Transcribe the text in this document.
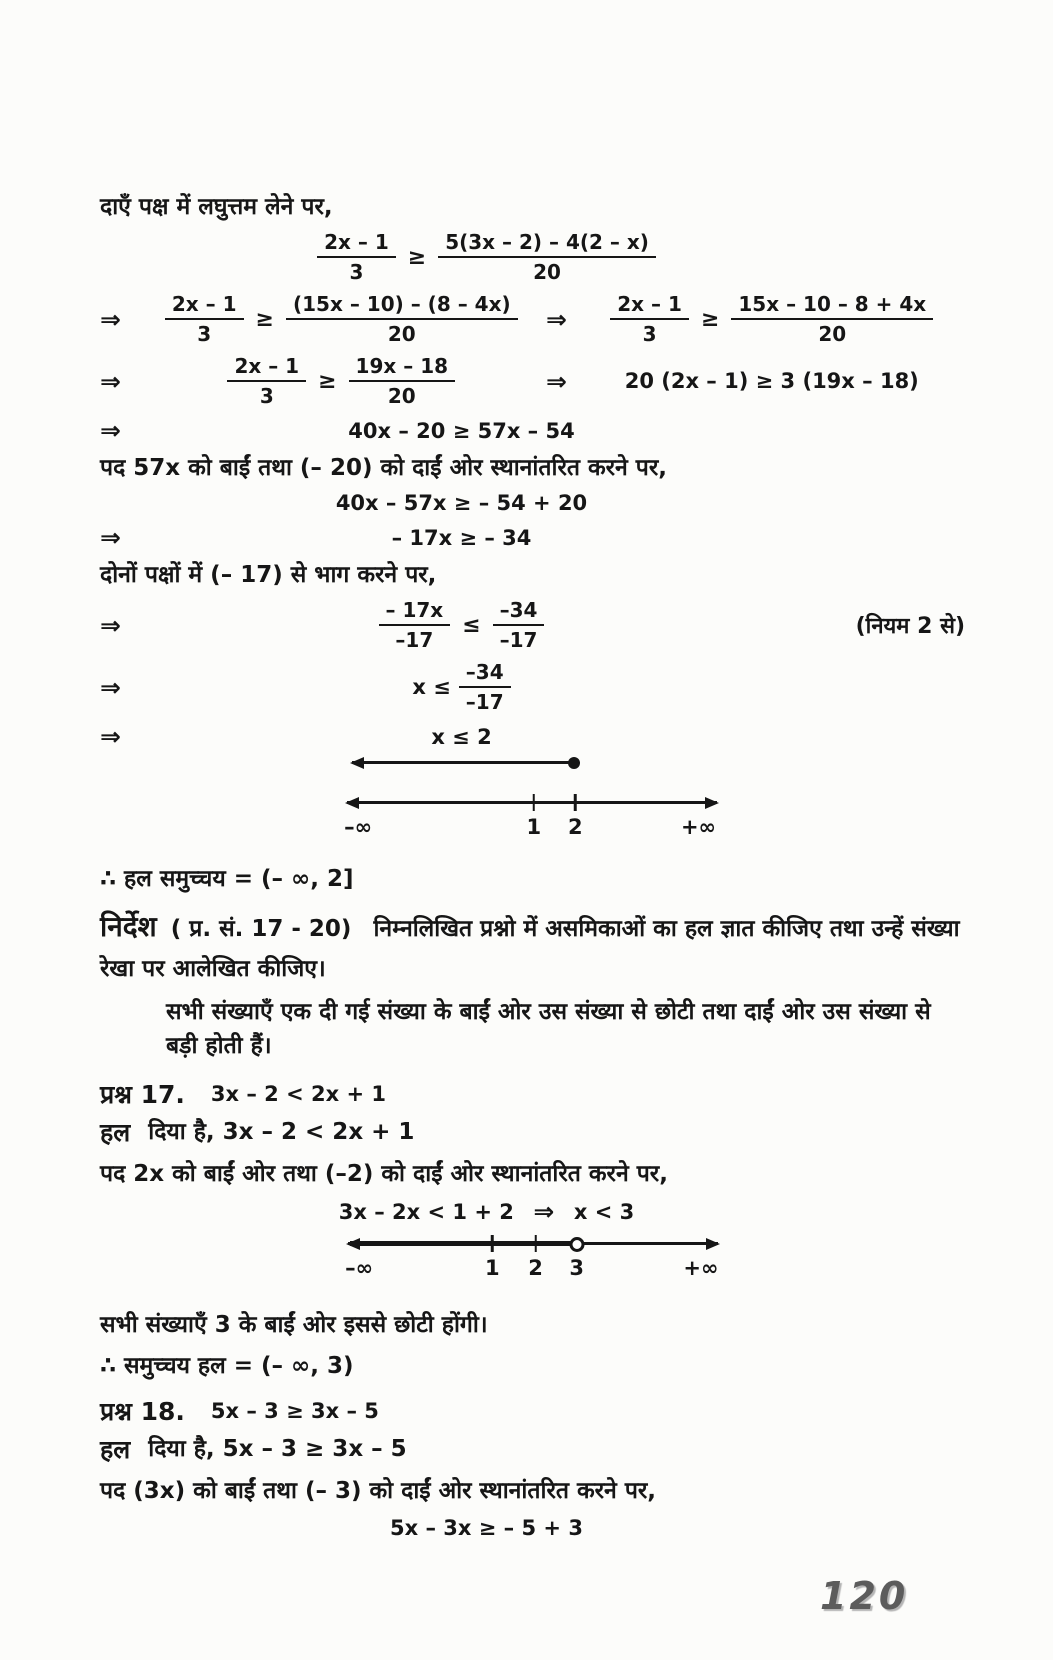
दाएँ पक्ष में लघुत्तम लेने पर,

$\frac{2x - 1}{3} \ge \frac{5(3x - 2) - 4(2 - x)}{20}$
⇒	$\frac{2x - 1}{3} \ge \frac{(15x - 10) - (8 - 4x)}{20}$	⇒	$\frac{2x - 1}{3} \ge \frac{15x - 10 - 8 + 4x}{20}$
⇒	$\frac{2x - 1}{3} \ge \frac{19x - 18}{20}$	⇒	20 (2x – 1) ≥ 3 (19x – 18)
⇒	40x – 20 ≥ 57x – 54

पद 57x को बाईं तथा (– 20) को दाईं ओर स्थानांतरित करने पर,

40x – 57x ≥ – 54 + 20
⇒	– 17x ≥ – 34

दोनों पक्षों में (– 17) से भाग करने पर,

⇒	$\frac{- 17x}{-17} \le \frac{-34}{-17}$	(नियम 2 से)
⇒	$x \le \frac{-34}{-17}$
⇒	x ≤ 2
–∞	1 2	+∞

∴ हल समुच्चय = (– ∞, 2]

निर्देश ( प्र. सं. 17 - 20) निम्नलिखित प्रश्नो में असमिकाओं का हल ज्ञात कीजिए तथा उन्हें संख्या रेखा पर आलेखित कीजिए।

सभी संख्याएँ एक दी गई संख्या के बाईं ओर उस संख्या से छोटी तथा दाईं ओर उस संख्या से बड़ी होती हैं।

प्रश्न 17. 3x – 2 < 2x + 1
हल दिया है, 3x – 2 < 2x + 1

पद 2x को बाईं ओर तथा (–2) को दाईं ओर स्थानांतरित करने पर,

3x – 2x < 1 + 2 ⇒ x < 3
–∞	1 2 3	+∞

सभी संख्याएँ 3 के बाईं ओर इससे छोटी होंगी।

∴ समुच्चय हल = (– ∞, 3)

प्रश्न 18. 5x – 3 ≥ 3x – 5
हल दिया है, 5x – 3 ≥ 3x – 5

पद (3x) को बाईं तथा (– 3) को दाईं ओर स्थानांतरित करने पर,

5x – 3x ≥ – 5 + 3
120
